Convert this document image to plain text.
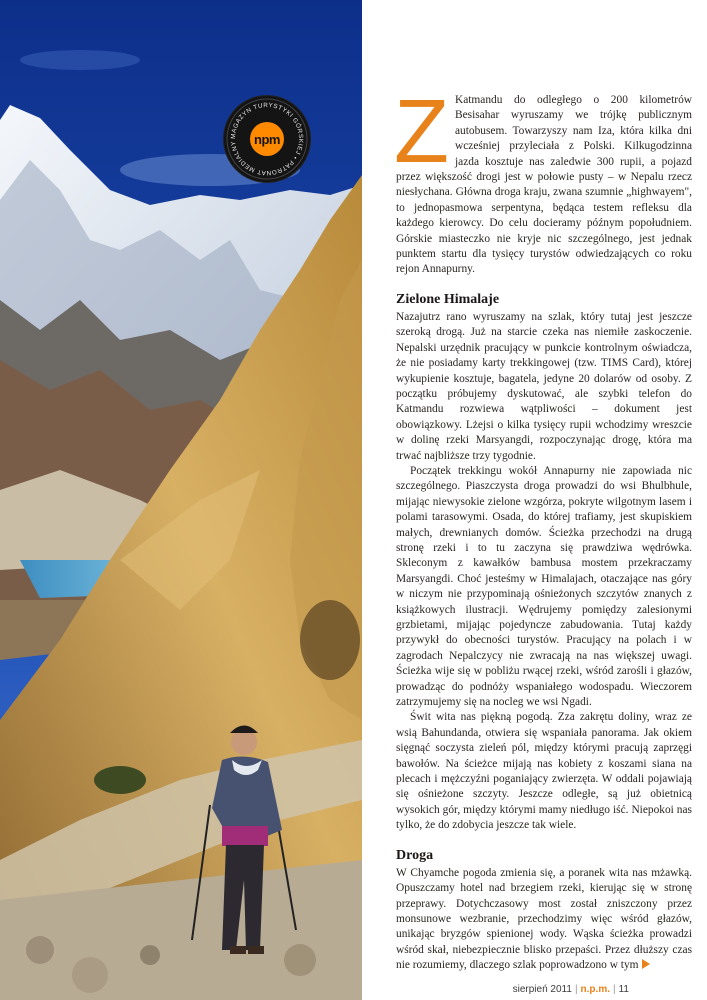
MAGAZYN TURYSTYKI GÓRSKIEJ • PATRONAT MEDIALNY	npm Z Katmandu do odległego o 200 kilometrów Besisahar wyruszamy we trójkę publicznym autobusem. Towarzyszy nam Iza, która kilka dni wcześniej przyleciała z Polski. Kilkugodzinna jazda kosztuje nas zaledwie 300 rupii, a pojazd przez większość drogi jest w połowie pusty – w Nepalu rzecz niesłychana. Główna droga kraju, zwana szumnie „highwayem", to jednopasmowa serpentyna, będąca testem refleksu dla każdego kierowcy. Do celu docieramy późnym popołudniem. Górskie miasteczko nie kryje nic szczególnego, jest jednak punktem startu dla tysięcy turystów odwiedzających co roku rejon Annapurny.

Zielone Himalaje

Nazajutrz rano wyruszamy na szlak, który tutaj jest jeszcze szeroką drogą. Już na starcie czeka nas niemiłe zaskoczenie. Nepalski urzędnik pracujący w punkcie kontrolnym oświadcza, że nie posiadamy karty trekkingowej (tzw. TIMS Card), której wykupienie kosztuje, bagatela, jedyne 20 dolarów od osoby. Z początku próbujemy dyskutować, ale szybki telefon do Katmandu rozwiewa wątpliwości – dokument jest obowiązkowy. Lżejsi o kilka tysięcy rupii wchodzimy wreszcie w dolinę rzeki Marsyangdi, rozpoczynając drogę, która ma trwać najbliższe trzy tygodnie.

Początek trekkingu wokół Annapurny nie zapowiada nic szczególnego. Piaszczysta droga prowadzi do wsi Bhulbhule, mijając niewysokie zielone wzgórza, pokryte wilgotnym lasem i polami tarasowymi. Osada, do której trafiamy, jest skupiskiem małych, drewnianych domów. Ścieżka przechodzi na drugą stronę rzeki i to tu zaczyna się prawdziwa wędrówka. Skleconym z kawałków bambusa mostem przekraczamy Marsyangdi. Choć jesteśmy w Himalajach, otaczające nas góry w niczym nie przypominają ośnieżonych szczytów znanych z książkowych ilustracji. Wędrujemy pomiędzy zalesionymi grzbietami, mijając pojedyncze zabudowania. Tutaj każdy przywykł do obecności turystów. Pracujący na polach i w zagrodach Nepalczycy nie zwracają na nas większej uwagi. Ścieżka wije się w pobliżu rwącej rzeki, wśród zarośli i głazów, prowadząc do podnóży wspaniałego wodospadu. Wieczorem zatrzymujemy się na nocleg we wsi Ngadi.

Świt wita nas piękną pogodą. Zza zakrętu doliny, wraz ze wsią Bahundanda, otwiera się wspaniała panorama. Jak okiem sięgnąć soczysta zieleń pól, między którymi pracują zaprzęgi bawołów. Na ścieżce mijają nas kobiety z koszami siana na plecach i mężczyźni poganiający zwierzęta. W oddali pojawiają się ośnieżone szczyty. Jeszcze odległe, są już obietnicą wysokich gór, między którymi mamy niedługo iść. Niepokoi nas tylko, że do zdobycia jeszcze tak wiele.

Droga

W Chyamche pogoda zmienia się, a poranek wita nas mżawką. Opuszczamy hotel nad brzegiem rzeki, kierując się w stronę przeprawy. Dotychczasowy most został zniszczony przez monsunowe wezbranie, przechodzimy więc wśród głazów, unikając bryzgów spienionej wody. Wąska ścieżka prowadzi wśród skał, niebezpiecznie blisko przepaści. Przez dłuższy czas nie rozumiemy, dlaczego szlak poprowadzono w tym

sierpień 2011 | n.p.m. | 11
